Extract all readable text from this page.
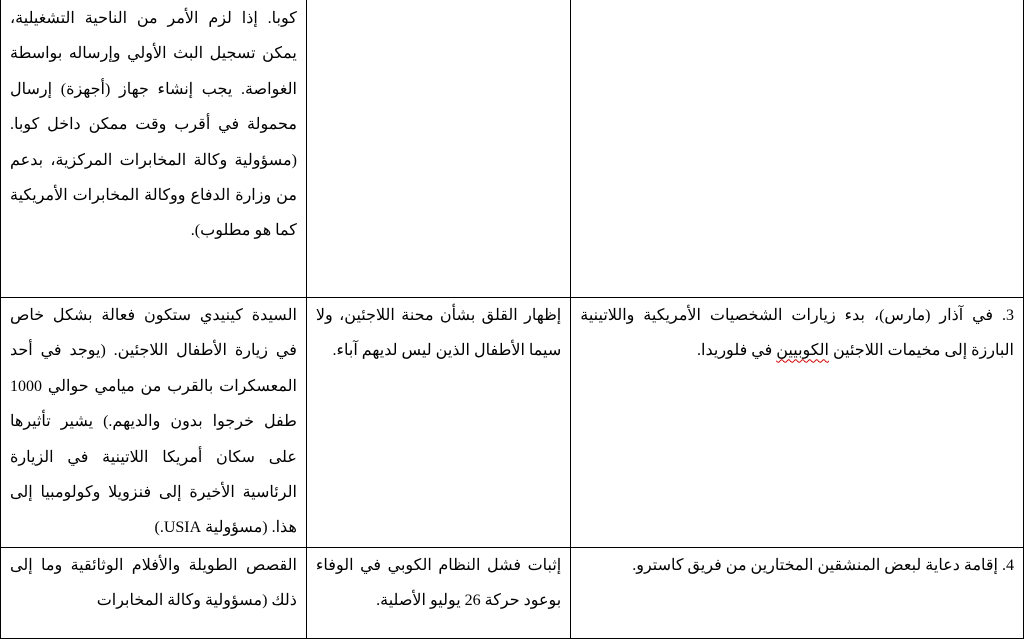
		كوبا. إذا لزم الأمر من الناحية التشغيلية، يمكن تسجيل البث الأولي وإرساله بواسطة الغواصة. يجب إنشاء جهاز (أجهزة) إرسال محمولة في أقرب وقت ممكن داخل كوبا. (مسؤولية وكالة المخابرات المركزية، بدعم من وزارة الدفاع ووكالة المخابرات الأمريكية كما هو مطلوب).
3. في آذار (مارس)، بدء زيارات الشخصيات الأمريكية واللاتينية البارزة إلى مخيمات اللاجئين الكوبيين في فلوريدا.	إظهار القلق بشأن محنة اللاجئين، ولا سيما الأطفال الذين ليس لديهم آباء.	السيدة كينيدي ستكون فعالة بشكل خاص في زيارة الأطفال اللاجئين. (يوجد في أحد المعسكرات بالقرب من ميامي حوالي 1000 طفل خرجوا بدون والديهم.) يشير تأثيرها على سكان أمريكا اللاتينية في الزيارة الرئاسية الأخيرة إلى فنزويلا وكولومبيا إلى هذا. (مسؤولية USIA.)
4. إقامة دعاية لبعض المنشقين المختارين من فريق كاسترو.	إثبات فشل النظام الكوبي في الوفاء بوعود حركة 26 يوليو الأصلية.	القصص الطويلة والأفلام الوثائقية وما إلى ذلك (مسؤولية وكالة المخابرات
